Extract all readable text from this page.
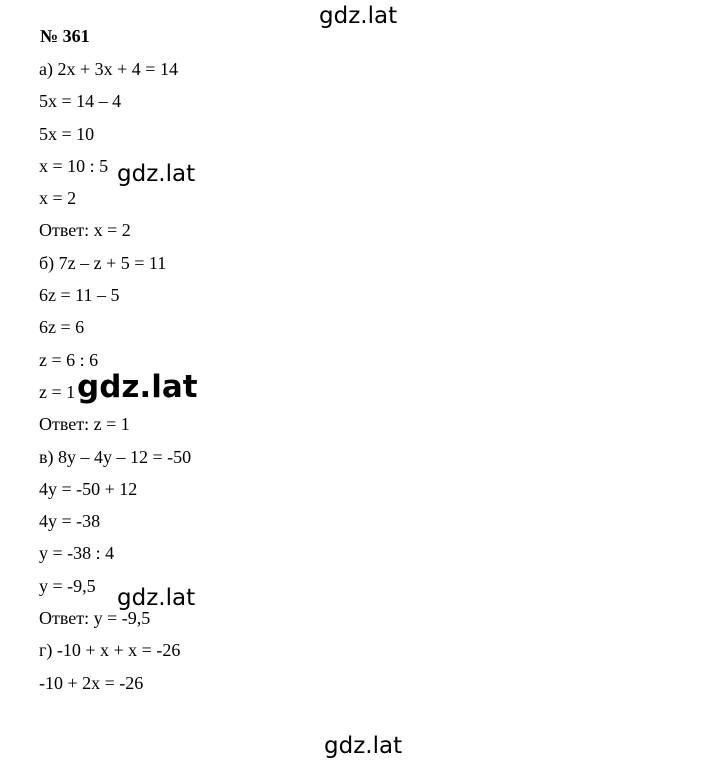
№ 361
а) 2x + 3x + 4 = 14
5x = 14 – 4
5x = 10
x = 10 : 5
x = 2
Ответ: x = 2
б) 7z – z + 5 = 11
6z = 11 – 5
6z = 6
z = 6 : 6
z = 1
Ответ: z = 1
в) 8y – 4y – 12 = -50
4y = -50 + 12
4y = -38
y = -38 : 4
y = -9,5
Ответ: y = -9,5
г) -10 + x + x = -26
-10 + 2x = -26
gdz.lat
gdz.lat
gdz.lat
gdz.lat
gdz.lat
